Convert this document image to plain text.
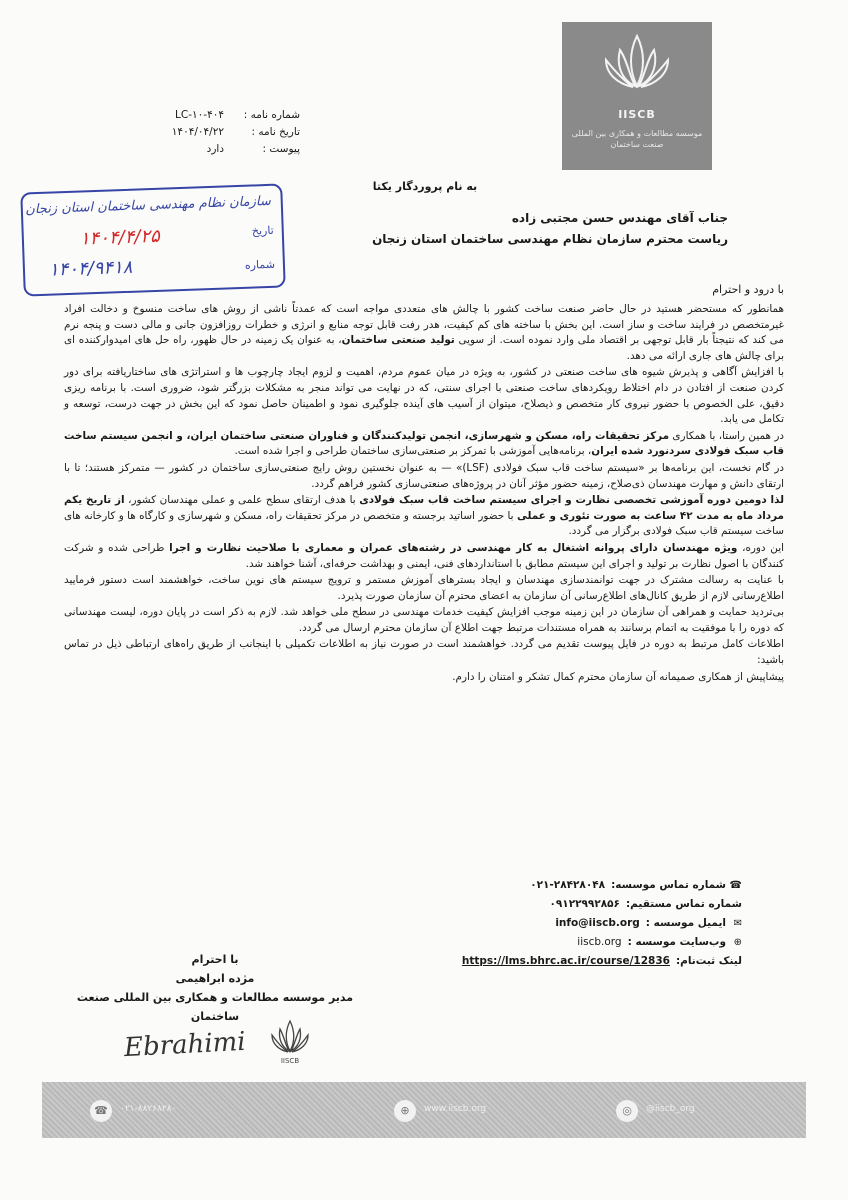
IISCB
موسسه مطالعات و همکاری بین المللی صنعت ساختمان
شماره نامه :
۴۰۴-LC-۱۰
تاریخ نامه :
۱۴۰۴/۰۴/۲۲
پیوست :
دارد
سازمان نظام مهندسی ساختمان استان زنجان
تاریخ
۱۴۰۴/۴/۲۵
شماره
۱۴۰۴/۹۴۱۸
به نام پروردگار یکتا
جناب آقای مهندس حسن مجتبی زاده
ریاست محترم سازمان نظام مهندسی ساختمان استان زنجان
با درود و احترام

همانطور که مستحضر هستید در حال حاضر صنعت ساخت کشور با چالش های متعددی مواجه است که عمدتاً ناشی از روش های ساخت منسوخ و دخالت افراد غیرمتخصص در فرایند ساخت و ساز است. این بخش با ساخته های کم کیفیت، هدر رفت قابل توجه منابع و انرژی و خطرات روزافزون جانی و مالی دست و پنجه نرم می کند که نتیجتاً بار قابل توجهی بر اقتصاد ملی وارد نموده است. از سویی تولید صنعتی ساختمان، به عنوان یک زمینه در حال ظهور، راه حل های امیدوارکننده ای برای چالش های جاری ارائه می دهد.

با افزایش آگاهی و پذیرش شیوه های ساخت صنعتی در کشور، به ویژه در میان عموم مردم، اهمیت و لزوم ایجاد چارچوب ها و استراتژی های ساختاریافته برای دور کردن صنعت از افتادن در دام اختلاط رویکردهای ساخت صنعتی با اجرای سنتی، که در نهایت می تواند منجر به مشکلات بزرگتر شود، ضروری است. با برنامه ریزی دقیق، علی الخصوص با حضور نیروی کار متخصص و ذیصلاح، میتوان از آسیب های آینده جلوگیری نمود و اطمینان حاصل نمود که این بخش در جهت درست، توسعه و تکامل می یابد.

در همین راستا، با همکاری مرکز تحقیقات راه، مسکن و شهرسازی، انجمن تولیدکنندگان و فناوران صنعتی ساختمان ایران، و انجمن سیستم ساخت قاب سبک فولادی سردنورد شده ایران، برنامه‌هایی آموزشی با تمرکز بر صنعتی‌سازی ساختمان طراحی و اجرا شده است.

در گام نخست، این برنامه‌ها بر «سیستم ساخت قاب سبک فولادی (LSF)» — به عنوان نخستین روش رایج صنعتی‌سازی ساختمان در کشور — متمرکز هستند؛ تا با ارتقای دانش و مهارت مهندسان ذی‌صلاح، زمینه حضور مؤثر آنان در پروژه‌های صنعتی‌سازی کشور فراهم گردد.

لذا دومین دوره آموزشی تخصصی نظارت و اجرای سیستم ساخت قاب سبک فولادی با هدف ارتقای سطح علمی و عملی مهندسان کشور، از تاریخ یکم مرداد ماه به مدت ۴۲ ساعت به صورت تئوری و عملی با حضور اساتید برجسته و متخصص در مرکز تحقیقات راه، مسکن و شهرسازی و کارگاه ها و کارخانه های ساخت سیستم قاب سبک فولادی برگزار می گردد.

این دوره، ویژه مهندسان دارای پروانه اشتغال به کار مهندسی در رشته‌های عمران و معماری با صلاحیت نظارت و اجرا طراحی شده و شرکت کنندگان با اصول نظارت بر تولید و اجرای این سیستم مطابق با استانداردهای فنی، ایمنی و بهداشت حرفه‌ای، آشنا خواهند شد.

با عنایت به رسالت مشترک در جهت توانمندسازی مهندسان و ایجاد بسترهای آموزش مستمر و ترویج سیستم های نوین ساخت، خواهشمند است دستور فرمایید اطلاع‌رسانی لازم از طریق کانال‌های اطلاع‌رسانی آن سازمان به اعضای محترم آن سازمان صورت پذیرد.

بی‌تردید حمایت و همراهی آن سازمان در این زمینه موجب افزایش کیفیت خدمات مهندسی در سطح ملی خواهد شد. لازم به ذکر است در پایان دوره، لیست مهندسانی که دوره را با موفقیت به اتمام برسانند به همراه مستندات مرتبط جهت اطلاع آن سازمان محترم ارسال می گردد.

اطلاعات کامل مرتبط به دوره در فایل پیوست تقدیم می گردد. خواهشمند است در صورت نیاز به اطلاعات تکمیلی با اینجانب از طریق راه‌های ارتباطی ذیل در تماس باشید:

پیشاپیش از همکاری صمیمانه آن سازمان محترم کمال تشکر و امتنان را دارم.

☎
شماره تماس موسسه:
۰۲۱-۲۸۴۲۸۰۴۸
شماره تماس مستقیم:
۰۹۱۲۲۹۹۲۸۵۶
✉
ایمیل موسسه :
info@iiscb.org
⊕
وب‌سایت موسسه :
iiscb.org
لینک ثبت‌نام:
https://lms.bhrc.ac.ir/course/12836
با احترام
مژده ابراهیمی
مدیر موسسه مطالعات و همکاری بین المللی صنعت ساختمان
Ebrahimi	IISCB
☎	۰۲۱-۸۸۲۶۸۲۸۰	⊕	www.iiscb.org	◎	@iiscb_org
